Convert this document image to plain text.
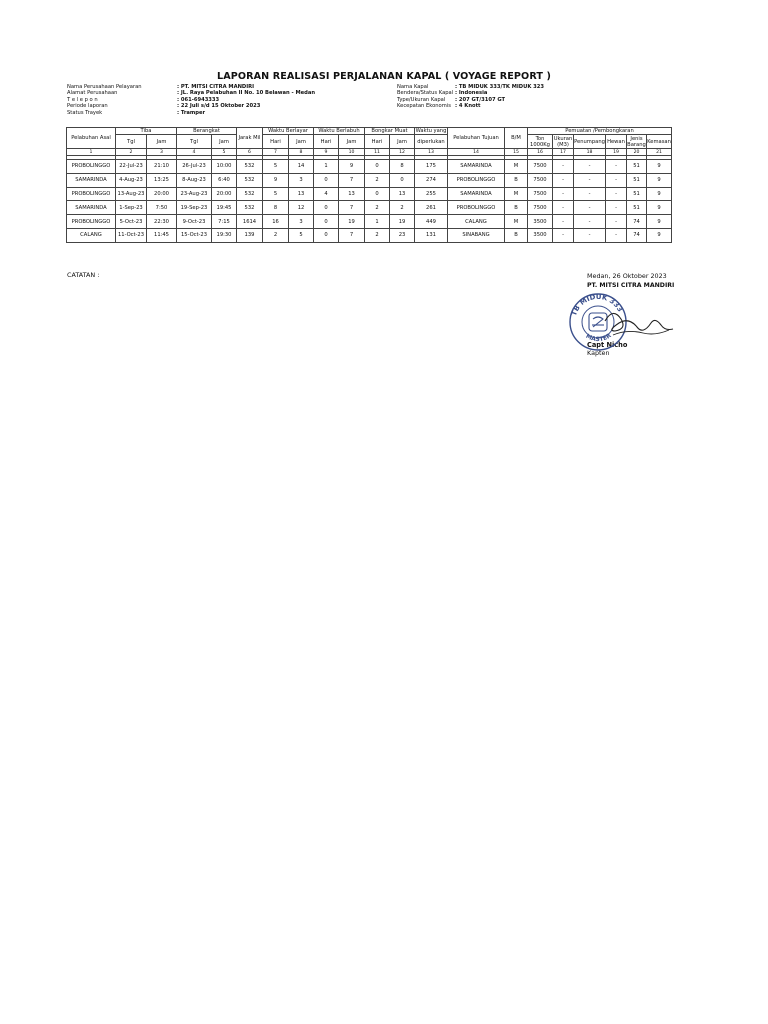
LAPORAN REALISASI PERJALANAN KAPAL ( VOYAGE REPORT )
Nama Perusahaan Pelayaran	: PT. MITSI CITRA MANDIRI
Alamat Perusahaan	: JL. Raya Pelabuhan II No. 10 Belawan - Medan
T e l e p o n	: 061-6943333
Periode laporan	: 22 Juli s/d 15 Oktober 2023
Status Trayek	: Tramper
Nama Kapal	: TB MIDUK 333/TK MIDUK 323
Bendera/Status Kapal : Indonesia
Type/Ukuran Kapal : 207 GT/3107 GT
Kecepatan Ekonomis : 4 Knott
Pelabuhan Asal	Tiba		Berangkat		Jarak Mil	Waktu Berlayar		Waktu Berlabuh		Bongkar Muat		Waktu yang	Pelabuhan Tujuan	B/M	Pemuatan /Pembongkaran					
	Tgl	Jam	Tgl	Jam		Hari	Jam	Hari	Jam	Hari	Jam	diperlukan			Ton 1000Kg	Ukuran (M3)	Penumpang	Hewan	Jenis Barang	Kemasan
1	2	3	4	5	6	7	8	9	10	11	12	13	14	15	16	17	18	19	20	21

PROBOLINGGO	22-Jul-23	21:10	26-Jul-23	10:00	532	5	14	1	9	0	8	175	SAMARINDA	M	7500	-	-	-	51	9
SAMARINDA	4-Aug-23	13:25	8-Aug-23	6:40	532	9	3	0	7	2	0	274	PROBOLINGGO	B	7500	-	-	-	51	9
PROBOLINGGO	13-Aug-23	20:00	23-Aug-23	20:00	532	5	13	4	13	0	13	255	SAMARINDA	M	7500	-	-	-	51	9
SAMARINDA	1-Sep-23	7:50	19-Sep-23	19:45	532	8	12	0	7	2	2	261	PROBOLINGGO	B	7500	-	-	-	51	9
PROBOLINGGO	5-Oct-23	22:30	9-Oct-23	7:15	1614	16	3	0	19	1	19	449	CALANG	M	3500	-	-	-	74	9
CALANG	11-Oct-23	11:45	15-Oct-23	19:30	139	2	5	0	7	2	23	131	SINABANG	B	3500	-	-	-	74	9
CATATAN :	Medan, 26 Oktober 2023
PT. MITSI CITRA MANDIRI
Capt Nicho
Kapten
TB MIDUK 333
MASTER
